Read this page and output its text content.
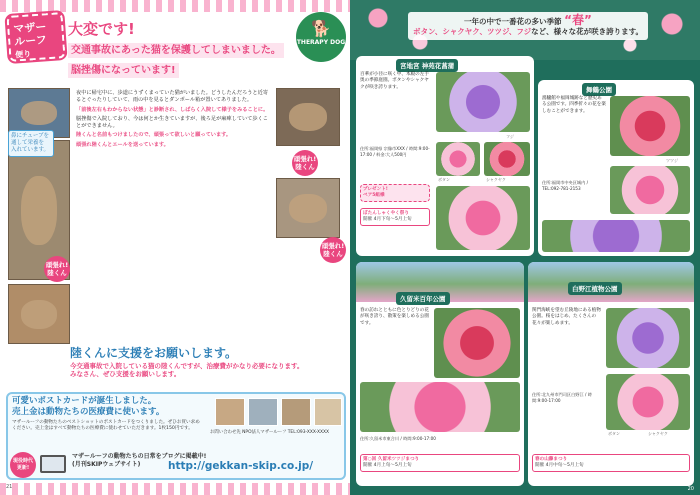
マザー
ルーフ
便り
大変です!
交通事故にあった猫を保護してしまいました。
脳挫傷になっています!
🐕
THERAPY DOG
鼻にチューブを 通して栄養を 入れています。
頑張れ! 陸くん
頑張れ! 陸くん
頑張れ! 陸くん

夜中に帰宅中に、歩道にうずくまっていた猫がいました。どうしたんだろうと近寄るとぐったりしていて、雨の中を見るとダンボール箱が置いてありました。

「前後左右もわからない状態」と診断され、しばらく入院して様子をみることに。

脳挫傷で入院しており、今は何とか生きていますが、後ろ足が麻痺していて歩くことができません。

陸くんと名前もつけましたので、頑張って欲しいと願っています。

頑張れ陸くんとエールを送っています。

陸くんに支援をお願いします。
今交通事故で入院している猫の陸くんですが、治療費がかなり必要になります。
みなさん、ぜひ支援をお願いします。
可愛いポストカードが誕生しました。
売上金は動物たちの医療費に使います。
マザールーフの動物たちのベストショットのポストカードをつくりました。ぜひお買い求めください。売上金はすべて動物たちの医療費に使わせていただきます。1枚150円です。
お問い合わせ先 NPO法人マザールーフ TEL:093-XXX-XXXX
現役時代 更新!
マザールーフの動物たちの日常をブログに掲載中!
(月刊SKIPウェブサイト)	http://gekkan-skip.co.jp/
21
一年の中で一番花の多い季節 “春”
ボタン、シャクヤク、ツツジ、フジなど、様々な花が咲き誇ります。
宮地宮 神苑花菖蒲
百華が小径に咲く中、本殿の左手奥の季節庭園。ボタンやシャクヤクが咲き誇ります。
フジ
ボタン	シャクヤク
住所:福岡県 宗像市XXX / 時間:9:00-17:00 / 料金:大人500円
プレゼント!
ペア5組様
ぼたんしゃくやく祭り
開催 4月下旬〜5月上旬
舞鶴公園
鴻臚館や福岡城跡など歴史ある公園です。四季折々の花を楽しむことができます。
ツツジ
住所:福岡市中央区城内 / TEL:092-781-2153
久留米百年公園
春の訪れとともに色とりどりの花が咲き誇り、散策を楽しめる公園です。
住所:久留米市東合川 / 時間:9:00-17:00
第○回 久留米ツツジまつり
開催 4月上旬〜5月上旬
白野江植物公園
関門海峡を望む丘陵地にある植物公園。桜をはじめ、たくさんの花々が楽しめます。
ボタン	シャクヤク
住所:北九州市門司区白野江 / 時間:9:00-17:00
春の山藤まつり
開催 4月中旬〜5月上旬
20
